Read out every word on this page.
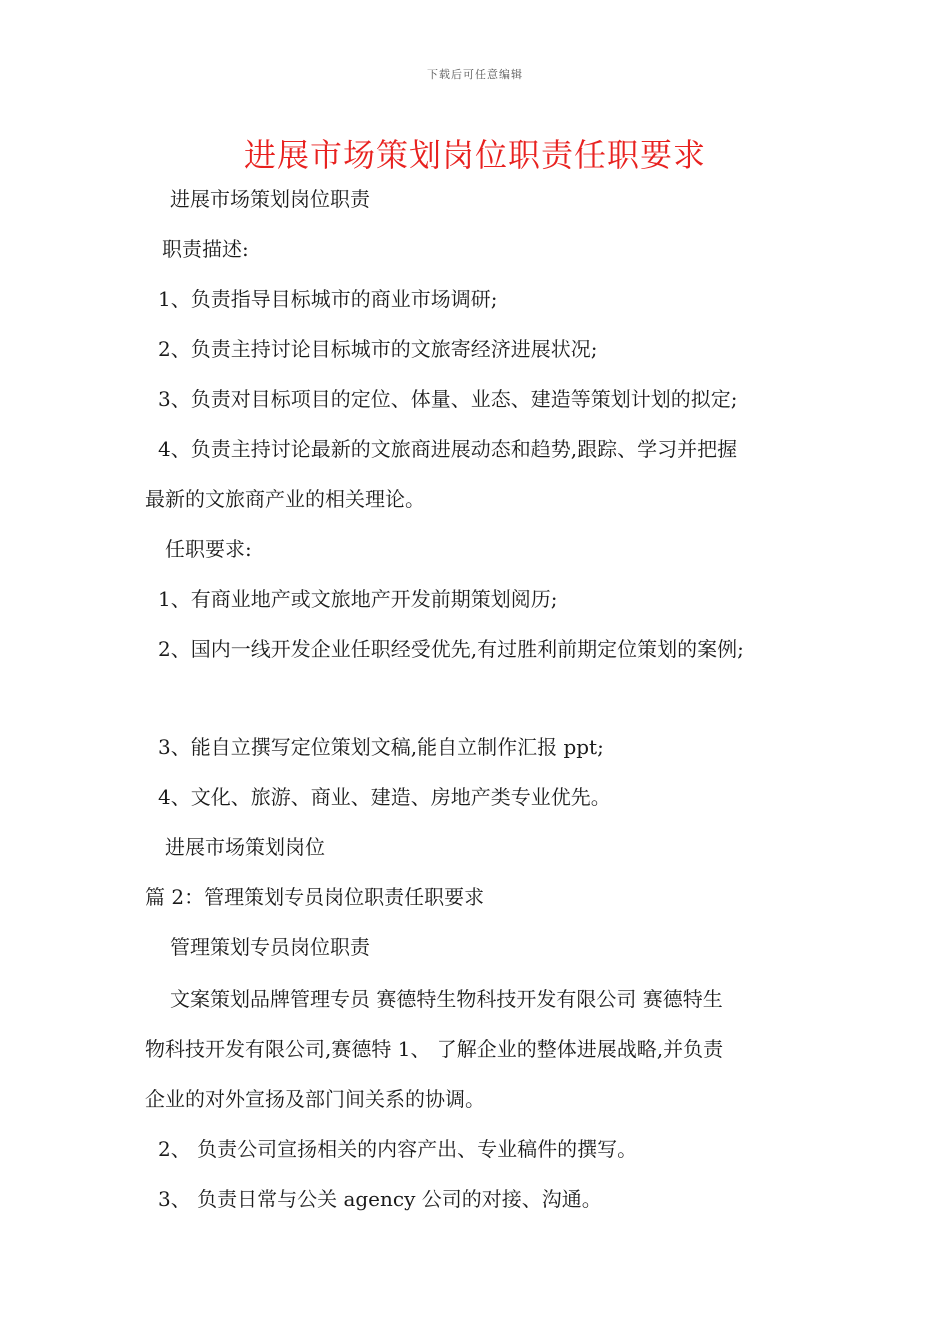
下载后可任意编辑
进展市场策划岗位职责任职要求

进展市场策划岗位职责

职责描述:

1、负责指导目标城市的商业市场调研;

2、负责主持讨论目标城市的文旅寄经济进展状况;

3、负责对目标项目的定位、体量、业态、建造等策划计划的拟定;

4、负责主持讨论最新的文旅商进展动态和趋势,跟踪、学习并把握

最新的文旅商产业的相关理论。

任职要求:

1、有商业地产或文旅地产开发前期策划阅历;

2、国内一线开发企业任职经受优先,有过胜利前期定位策划的案例;

3、能自立撰写定位策划文稿,能自立制作汇报 ppt;

4、文化、旅游、商业、建造、房地产类专业优先。

进展市场策划岗位

篇 2：管理策划专员岗位职责任职要求

管理策划专员岗位职责

文案策划品牌管理专员 赛德特生物科技开发有限公司 赛德特生

物科技开发有限公司,赛德特 1、 了解企业的整体进展战略,并负责

企业的对外宣扬及部门间关系的协调。

2、 负责公司宣扬相关的内容产出、专业稿件的撰写。

3、 负责日常与公关 agency 公司的对接、沟通。
